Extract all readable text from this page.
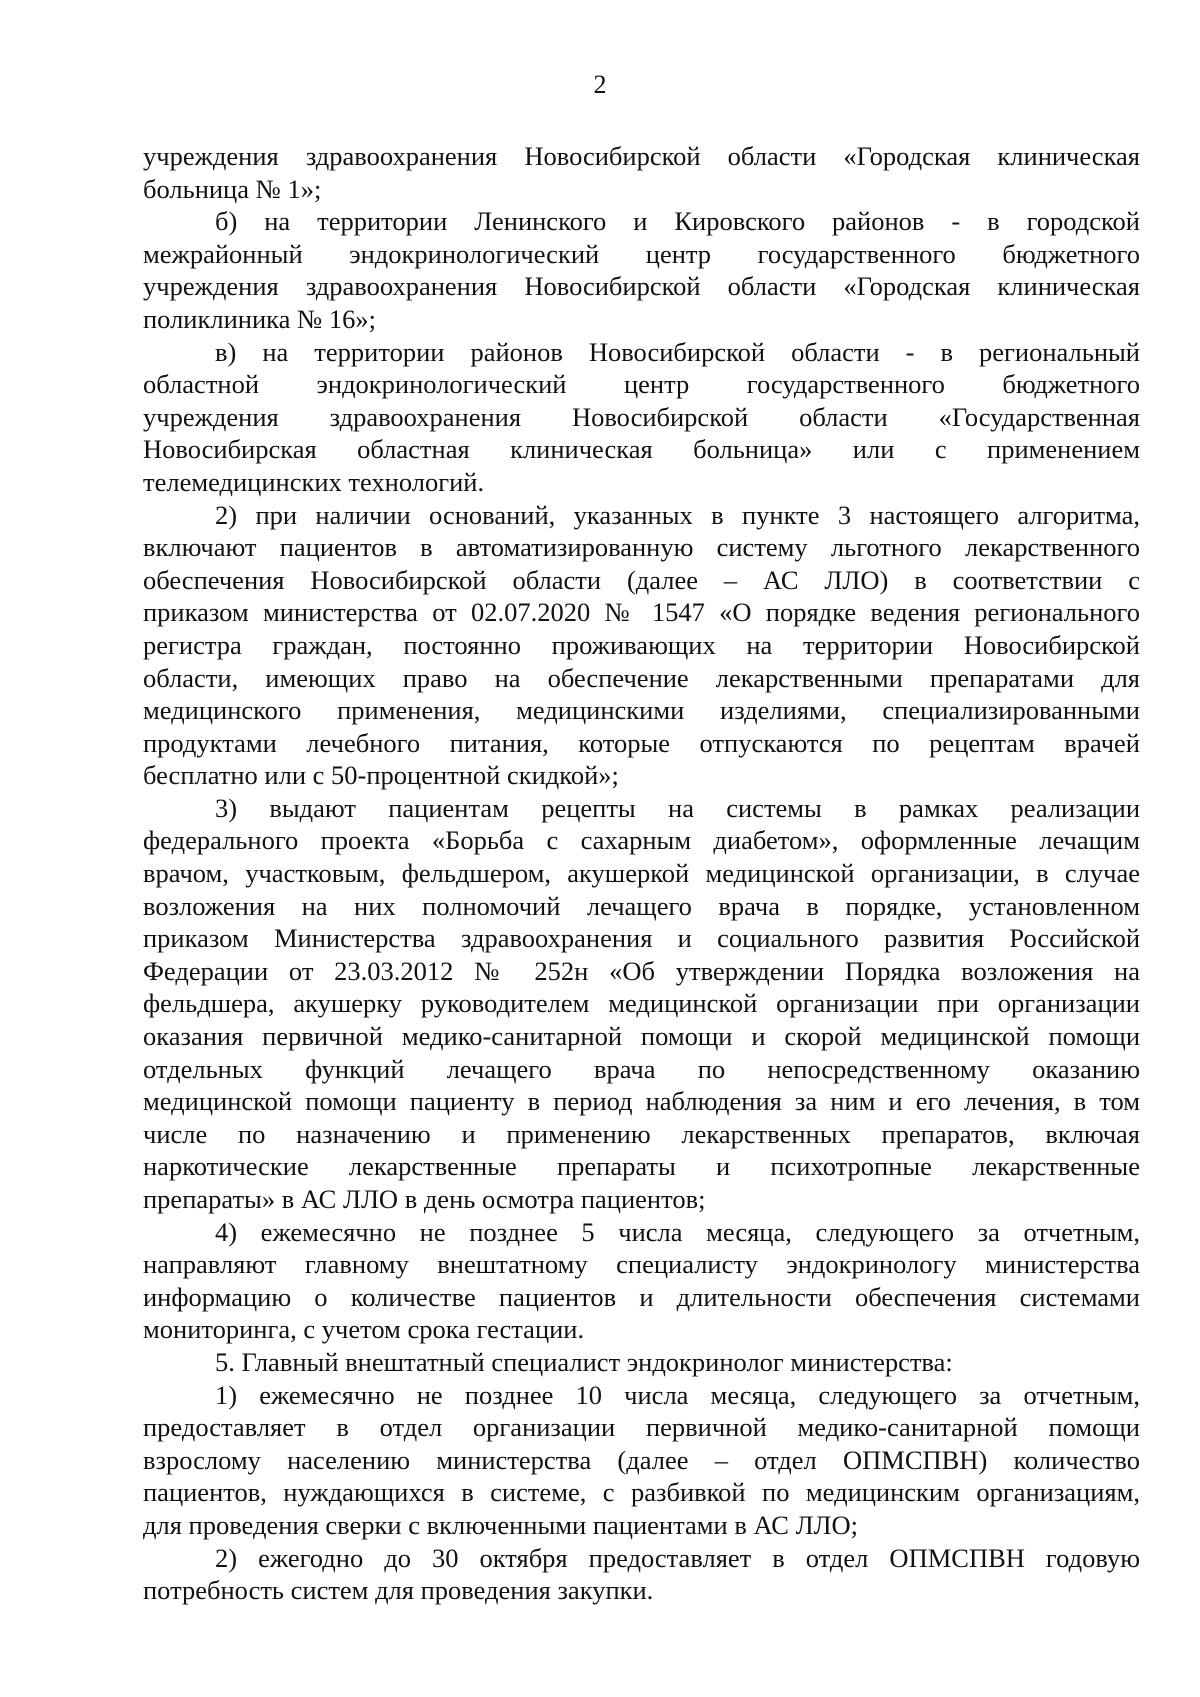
2
учреждения здравоохранения Новосибирской области «Городская клиническая
больница № 1»;
б) на территории Ленинского и Кировского районов - в городской
межрайонный эндокринологический центр государственного бюджетного
учреждения здравоохранения Новосибирской области «Городская клиническая
поликлиника № 16»;
в) на территории районов Новосибирской области - в региональный
областной эндокринологический центр государственного бюджетного
учреждения здравоохранения Новосибирской области «Государственная
Новосибирская областная клиническая больница» или с применением
телемедицинских технологий.
2) при наличии оснований, указанных в пункте 3 настоящего алгоритма,
включают пациентов в автоматизированную систему льготного лекарственного
обеспечения Новосибирской области (далее – АС ЛЛО) в соответствии с
приказом министерства от 02.07.2020 № 1547 «О порядке ведения регионального
регистра граждан, постоянно проживающих на территории Новосибирской
области, имеющих право на обеспечение лекарственными препаратами для
медицинского применения, медицинскими изделиями, специализированными
продуктами лечебного питания, которые отпускаются по рецептам врачей
бесплатно или с 50-процентной скидкой»;
3) выдают пациентам рецепты на системы в рамках реализации
федерального проекта «Борьба с сахарным диабетом», оформленные лечащим
врачом, участковым, фельдшером, акушеркой медицинской организации, в случае
возложения на них полномочий лечащего врача в порядке, установленном
приказом Министерства здравоохранения и социального развития Российской
Федерации от 23.03.2012 № 252н «Об утверждении Порядка возложения на
фельдшера, акушерку руководителем медицинской организации при организации
оказания первичной медико-санитарной помощи и скорой медицинской помощи
отдельных функций лечащего врача по непосредственному оказанию
медицинской помощи пациенту в период наблюдения за ним и его лечения, в том
числе по назначению и применению лекарственных препаратов, включая
наркотические лекарственные препараты и психотропные лекарственные
препараты» в АС ЛЛО в день осмотра пациентов;
4) ежемесячно не позднее 5 числа месяца, следующего за отчетным,
направляют главному внештатному специалисту эндокринологу министерства
информацию о количестве пациентов и длительности обеспечения системами
мониторинга, с учетом срока гестации.
5. Главный внештатный специалист эндокринолог министерства:
1) ежемесячно не позднее 10 числа месяца, следующего за отчетным,
предоставляет в отдел организации первичной медико-санитарной помощи
взрослому населению министерства (далее – отдел ОПМСПВН) количество
пациентов, нуждающихся в системе, с разбивкой по медицинским организациям,
для проведения сверки с включенными пациентами в АС ЛЛО;
2) ежегодно до 30 октября предоставляет в отдел ОПМСПВН годовую
потребность систем для проведения закупки.
